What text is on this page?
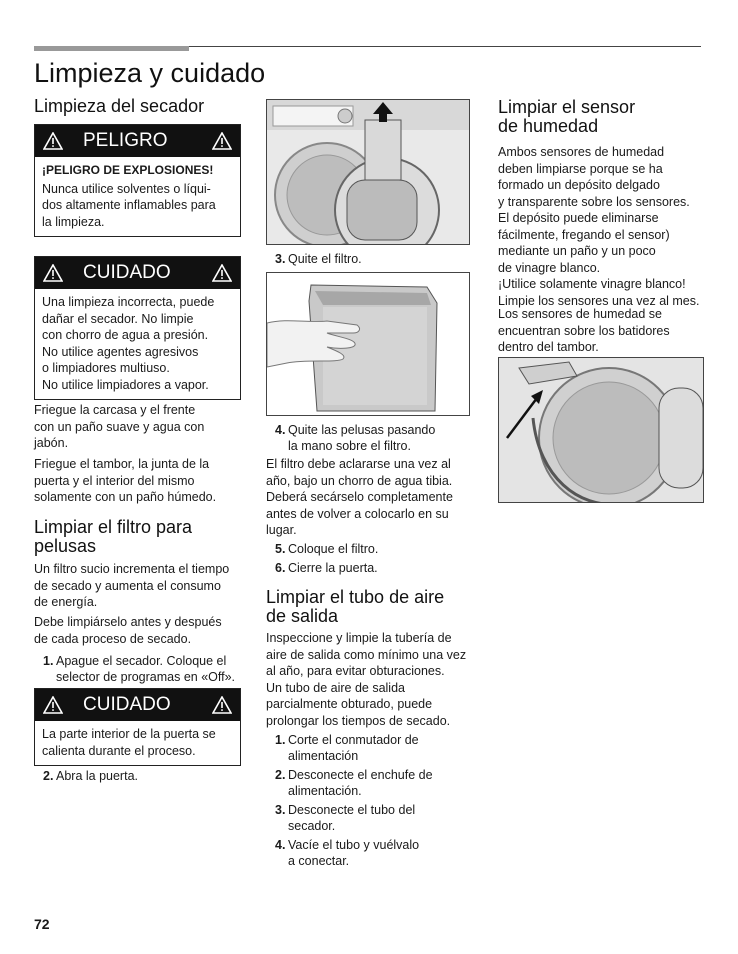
Limpieza y cuidado
Limpieza del secador
PELIGRO

¡PELIGRO DE EXPLOSIONES!

Nunca utilice solventes o líqui-

dos altamente inflamables para

la limpieza.

CUIDADO

Una limpieza incorrecta, puede

dañar el secador. No limpie

con chorro de agua a presión.

No utilice agentes agresivos

o limpiadores multiuso.

No utilice limpiadores a vapor.

Friegue la carcasa y el frente

con un paño suave y agua con

jabón.

Friegue el tambor, la junta de la

puerta y el interior del mismo

solamente con un paño húmedo.

Limpiar el filtro para
pelusas

Un filtro sucio incrementa el tiempo

de secado y aumenta el consumo

de energía.

Debe limpiárselo antes y después

de cada proceso de secado.

1. Apague el secador. Coloque el
selector de programas en «Off».
CUIDADO

La parte interior de la puerta se

calienta durante el proceso.

2. Abra la puerta.
3. Quite el filtro.
4. Quite las pelusas pasando
la mano sobre el filtro.

El filtro debe aclararse una vez al

año, bajo un chorro de agua tibia.

Deberá secárselo completamente

antes de volver a colocarlo en su

lugar.

5. Coloque el filtro.
6. Cierre la puerta.
Limpiar el tubo de aire
de salida

Inspeccione y limpie la tubería de

aire de salida como mínimo una vez

al año, para evitar obturaciones.

Un tubo de aire de salida

parcialmente obturado, puede

prolongar los tiempos de secado.

1. Corte el conmutador de
alimentación
2. Desconecte el enchufe de
alimentación.
3. Desconecte el tubo del
secador.
4. Vacíe el tubo y vuélvalo
a conectar.
Limpiar el sensor
de humedad

Ambos sensores de humedad

deben limpiarse porque se ha

formado un depósito delgado

y transparente sobre los sensores.

El depósito puede eliminarse

fácilmente, fregando el sensor)

mediante un paño y un poco

de vinagre blanco.

¡Utilice solamente vinagre blanco!

Limpie los sensores una vez al mes.

Los sensores de humedad se

encuentran sobre los batidores

dentro del tambor.

72
